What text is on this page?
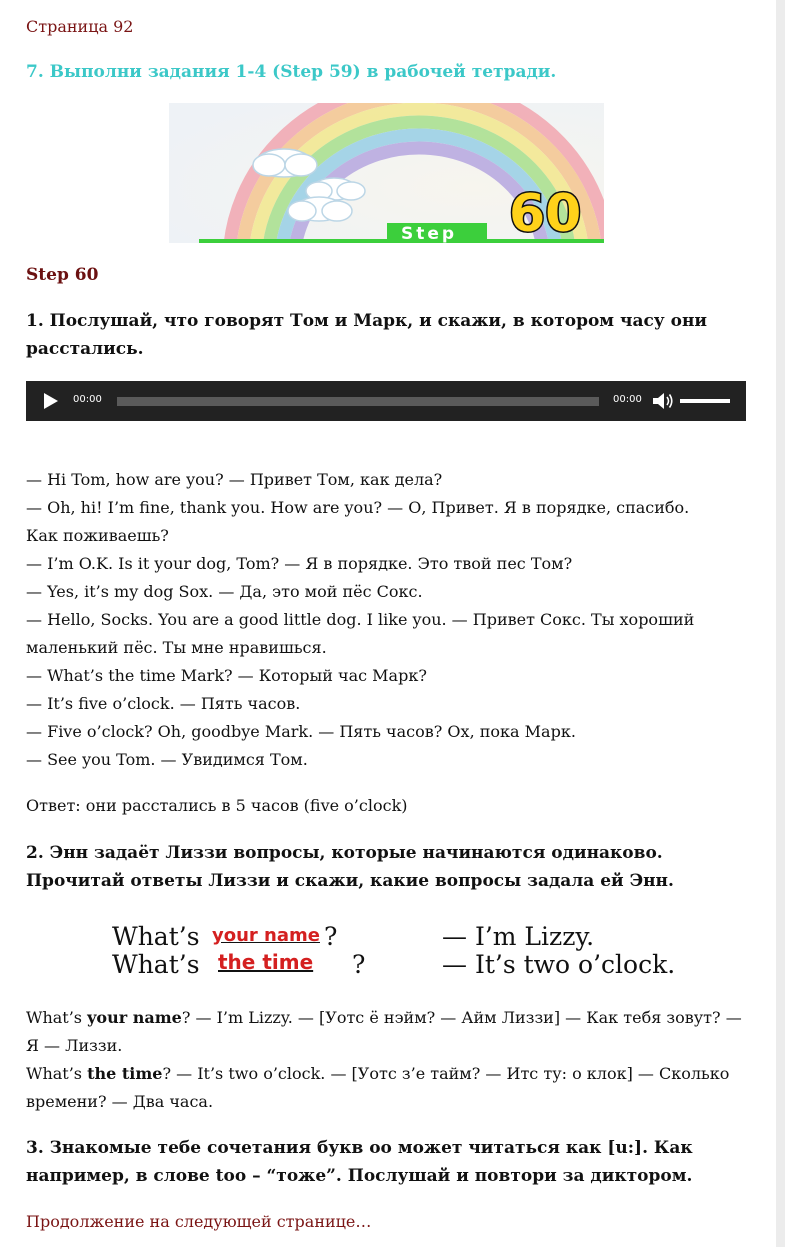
Страница 92
7. Выполни задания 1-4 (Step 59) в рабочей тетради.
Step 60
Step 60
1. Послушай, что говорят Том и Марк, и скажи, в котором часу они расстались.
00:00	00:00
— Hi Tom, how are you? — Привет Том, как дела?
— Oh, hi! I’m fine, thank you. How are you? — О, Привет. Я в порядке, спасибо. Как поживаешь?
— I’m O.K. Is it your dog, Tom? — Я в порядке. Это твой пес Том?
— Yes, it’s my dog Sox. — Да, это мой пёс Сокс.
— Hello, Socks. You are a good little dog. I like you. — Привет Сокс. Ты хороший маленький пёс. Ты мне нравишься.
— What’s the time Mark? — Который час Марк?
— It’s five o’clock. — Пять часов.
— Five o’clock? Oh, goodbye Mark. — Пять часов? Ох, пока Марк.
— See you Tom. — Увидимся Том.
Ответ: они расстались в 5 часов (five o’clock)
2. Энн задаёт Лиззи вопросы, которые начинаются одинаково. Прочитай ответы Лиззи и скажи, какие вопросы задала ей Энн.
What’s your name ?	— I’m Lizzy.
What’s the time ?	— It’s two o’clock.
What’s your name? — I’m Lizzy. — [Уотс ё нэйм? — Айм Лиззи] — Как тебя зовут? — Я — Лиззи.
What’s the time? — It’s two o’clock. — [Уотс з’е тайм? — Итс ту: о клок] — Сколько времени? — Два часа.
3. Знакомые тебе сочетания букв оо может читаться как [u:]. Как например, в слове too – “тоже”. Послушай и повтори за диктором.
Продолжение на следующей странице…
